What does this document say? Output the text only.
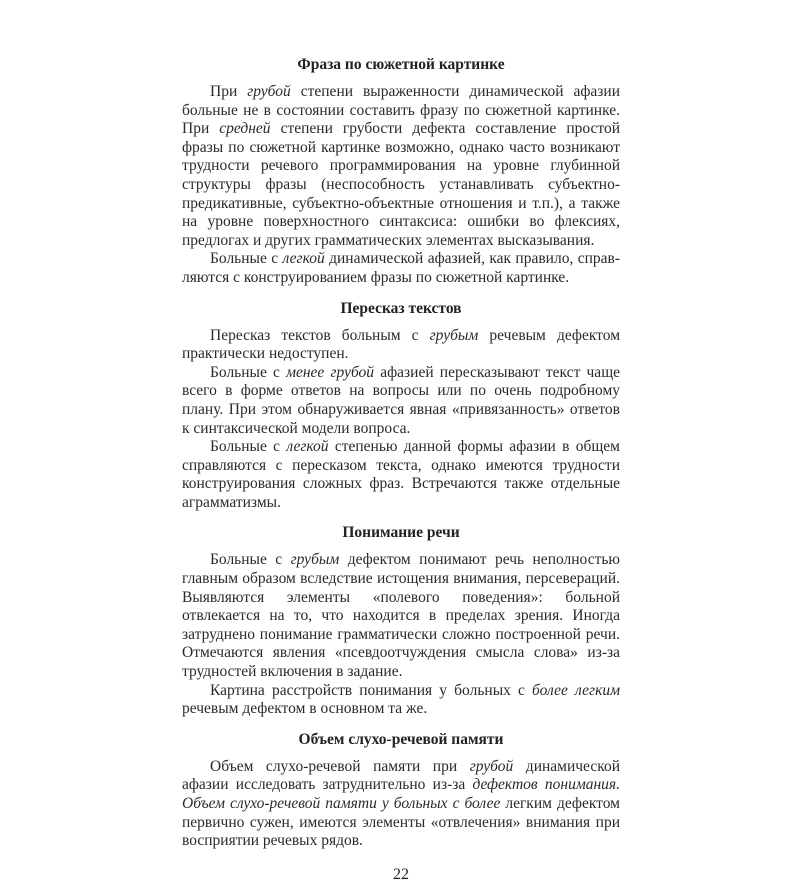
Фраза по сюжетной картинке

При грубой степени выраженности динамической афазии больные не в состоянии составить фразу по сюжетной картинке. При средней степени грубости дефекта составление простой фразы по сюжетной картинке возможно, однако часто возникают трудности речевого программирования на уровне глубинной структуры фразы (неспособность устанавливать субъектно-предикативные, субъектно-объектные отношения и т.п.), а также на уровне поверхностного синтаксиса: ошибки во флексиях, предлогах и других грамматических элементах высказывания.

Больные с легкой динамической афазией, как правило, справляются с конструированием фразы по сюжетной картинке.

Пересказ текстов

Пересказ текстов больным с грубым речевым дефектом практически недоступен.

Больные с менее грубой афазией пересказывают текст чаще всего в форме ответов на вопросы или по очень подробному плану. При этом обнаруживается явная «привязанность» ответов к синтаксической модели вопроса.

Больные с легкой степенью данной формы афазии в общем справляются с пересказом текста, однако имеются трудности конструирования сложных фраз. Встречаются также отдельные аграмматизмы.

Понимание речи

Больные с грубым дефектом понимают речь неполностью главным образом вследствие истощения внимания, персевераций. Выявляются элементы «полевого поведения»: больной отвлекается на то, что находится в пределах зрения. Иногда затруднено понимание грамматически сложно построенной речи. Отмечаются явления «псевдоотчуждения смысла слова» из-за трудностей включения в задание.

Картина расстройств понимания у больных с более легким речевым дефектом в основном та же.

Объем слухо-речевой памяти

Объем слухо-речевой памяти при грубой динамической афазии исследовать затруднительно из-за дефектов понимания. Объем слухо-речевой памяти у больных с более легким дефектом первично сужен, имеются элементы «отвлечения» внимания при восприятии речевых рядов.

22
